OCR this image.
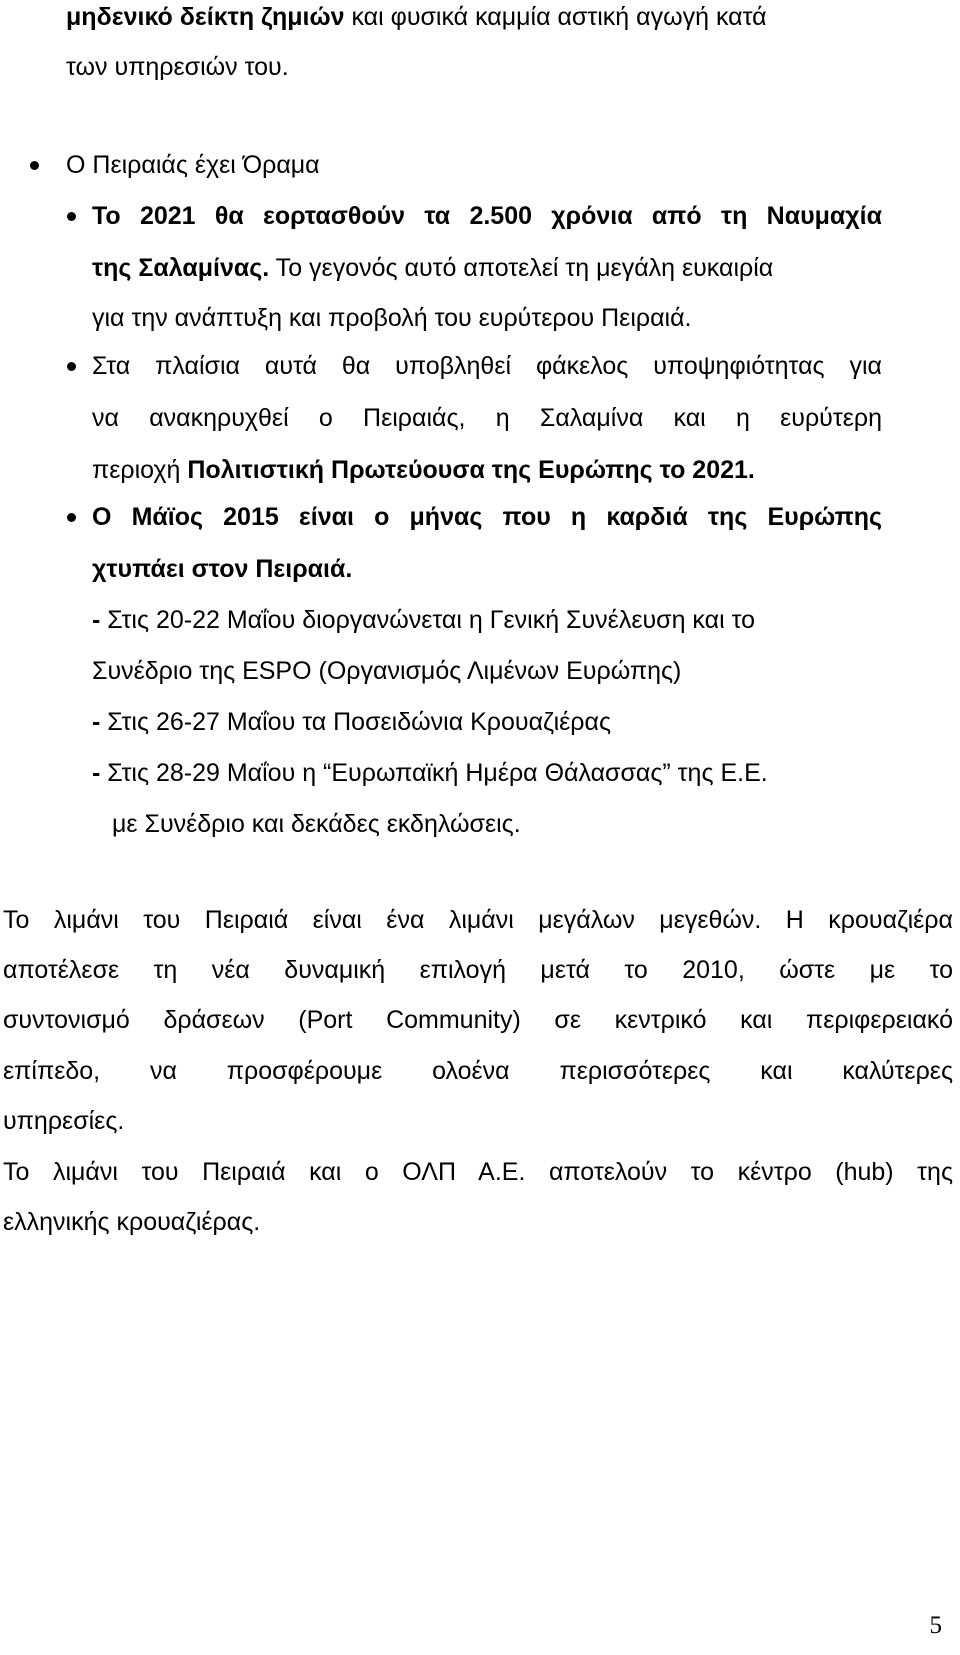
μηδενικό δείκτη ζημιών και φυσικά καμμία αστική αγωγή κατά
των υπηρεσιών του.
Ο Πειραιάς έχει Όραμα
Το 2021 θα εορτασθούν τα 2.500 χρόνια από τη Ναυμαχία
της Σαλαμίνας. Το γεγονός αυτό αποτελεί τη μεγάλη ευκαιρία
για την ανάπτυξη και προβολή του ευρύτερου Πειραιά.
Στα πλαίσια αυτά θα υποβληθεί φάκελος υποψηφιότητας για
να ανακηρυχθεί ο Πειραιάς, η Σαλαμίνα και η ευρύτερη
περιοχή Πολιτιστική Πρωτεύουσα της Ευρώπης το 2021.
Ο Μάϊος 2015 είναι ο μήνας που η καρδιά της Ευρώπης
χτυπάει στον Πειραιά.
- Στις 20-22 Μαΐου διοργανώνεται η Γενική Συνέλευση και το
Συνέδριο της ESPO (Οργανισμός Λιμένων Ευρώπης)
- Στις 26-27 Μαΐου τα Ποσειδώνια Κρουαζιέρας
- Στις 28-29 Μαΐου η “Ευρωπαϊκή Ημέρα Θάλασσας” της Ε.Ε.
με Συνέδριο και δεκάδες εκδηλώσεις.
Το λιμάνι του Πειραιά είναι ένα λιμάνι μεγάλων μεγεθών. Η κρουαζιέρα
αποτέλεσε τη νέα δυναμική επιλογή μετά το 2010, ώστε με το
συντονισμό δράσεων (Port Community) σε κεντρικό και περιφερειακό
επίπεδο, να προσφέρουμε ολοένα περισσότερες και καλύτερες
υπηρεσίες.
Το λιμάνι του Πειραιά και ο ΟΛΠ Α.Ε. αποτελούν το κέντρο (hub) της
ελληνικής κρουαζιέρας.
5
